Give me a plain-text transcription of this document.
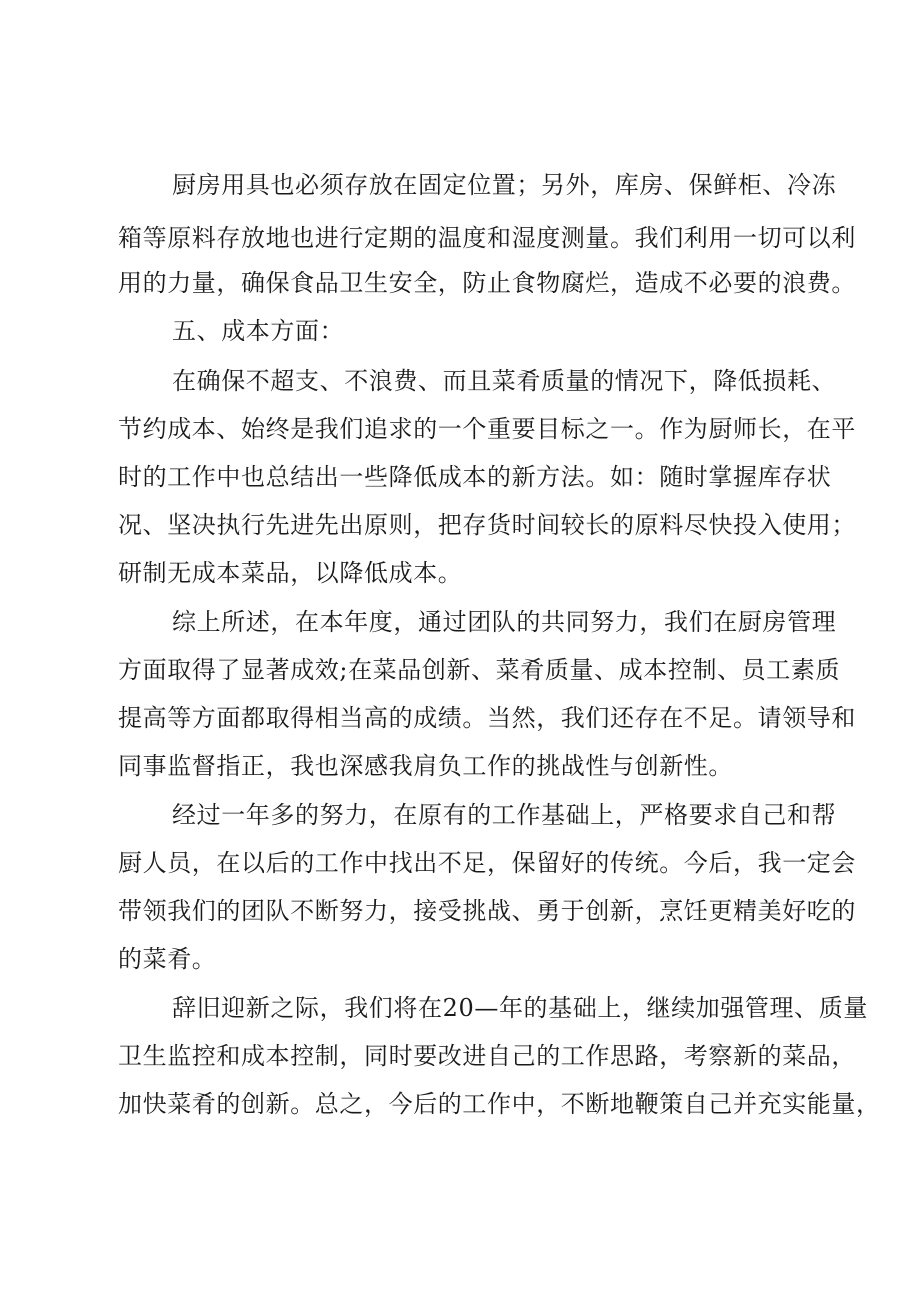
厨房用具也必须存放在固定位置；另外，库房、保鲜柜、冷冻

箱等原料存放地也进行定期的温度和湿度测量。我们利用一切可以利

用的力量，确保食品卫生安全，防止食物腐烂，造成不必要的浪费。

五、成本方面：

在确保不超支、不浪费、而且菜肴质量的情况下，降低损耗、

节约成本、始终是我们追求的一个重要目标之一。作为厨师长，在平

时的工作中也总结出一些降低成本的新方法。如：随时掌握库存状

况、坚决执行先进先出原则，把存货时间较长的原料尽快投入使用；

研制无成本菜品，以降低成本。

综上所述，在本年度，通过团队的共同努力，我们在厨房管理

方面取得了显著成效;在菜品创新、菜肴质量、成本控制、员工素质

提高等方面都取得相当高的成绩。当然，我们还存在不足。请领导和

同事监督指正，我也深感我肩负工作的挑战性与创新性。

经过一年多的努力，在原有的工作基础上，严格要求自己和帮

厨人员，在以后的工作中找出不足，保留好的传统。今后，我一定会

带领我们的团队不断努力，接受挑战、勇于创新，烹饪更精美好吃的

的菜肴。

辞旧迎新之际，我们将在20—年的基础上，继续加强管理、质量

卫生监控和成本控制，同时要改进自己的工作思路，考察新的菜品，

加快菜肴的创新。总之，今后的工作中，不断地鞭策自己并充实能量，
